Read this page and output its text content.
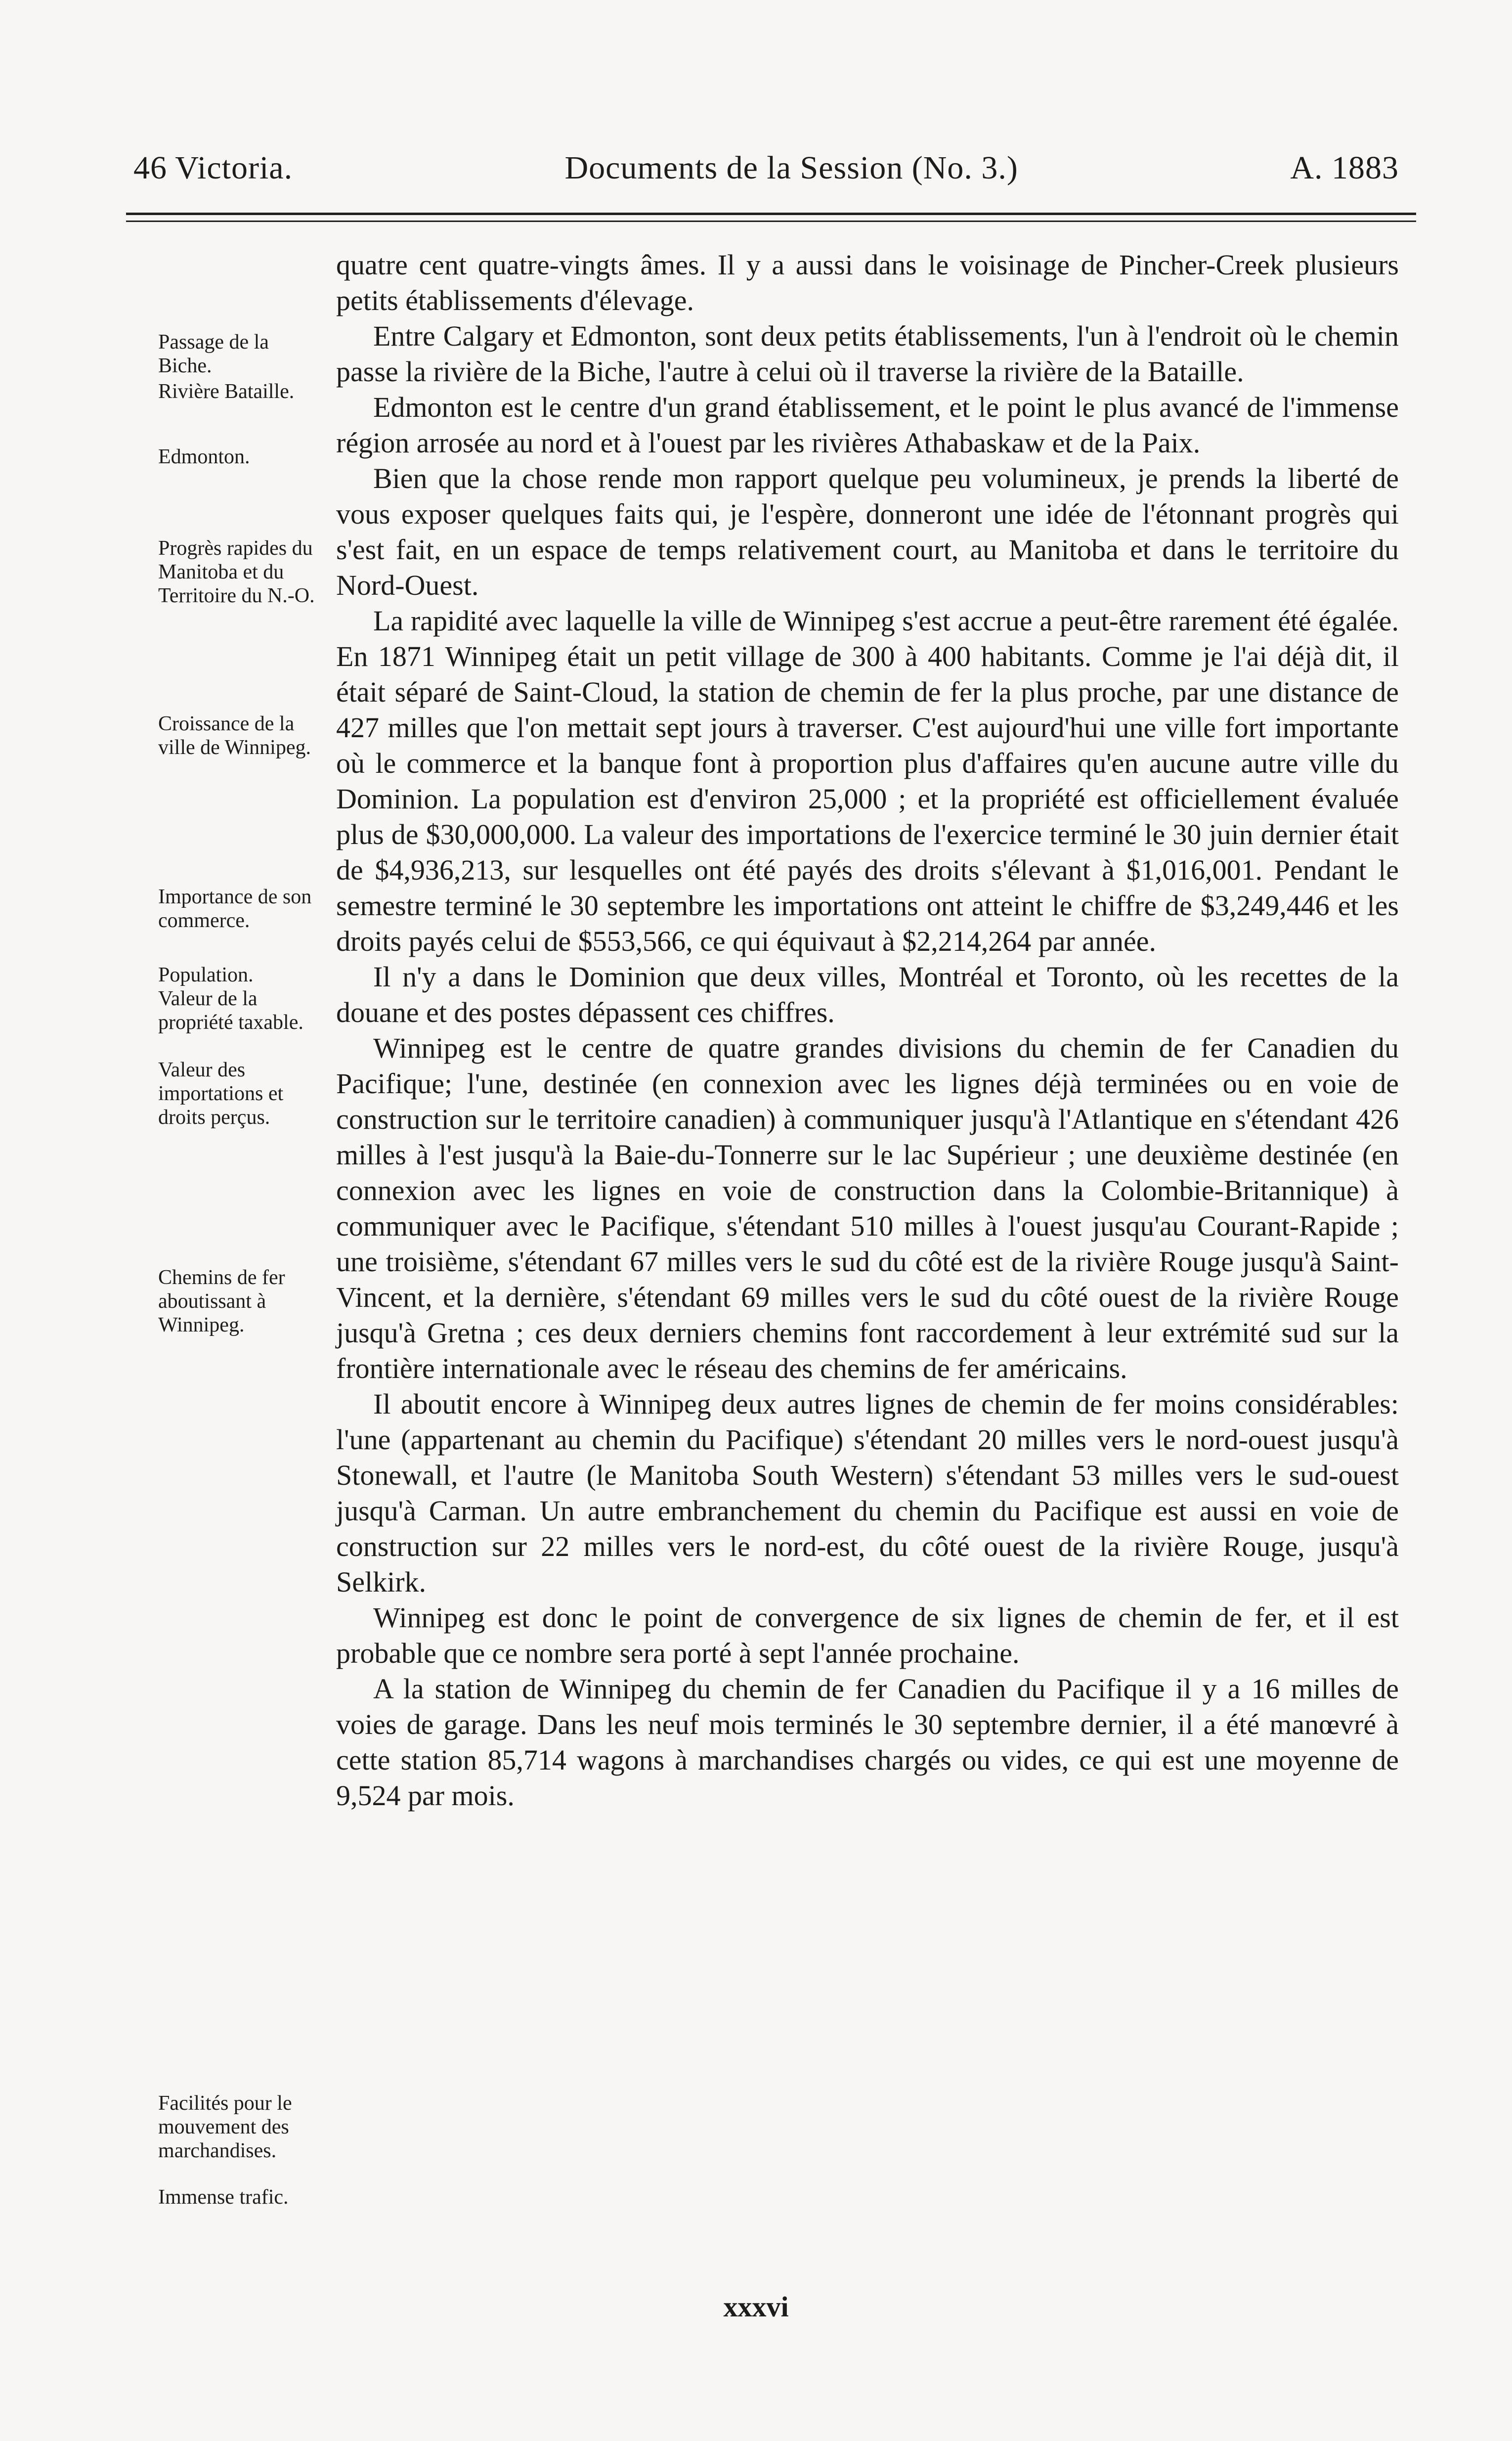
46 Victoria.	Documents de la Session (No. 3.)	A. 1883
Passage de la Biche.
Rivière Bataille.
Edmonton.
Progrès rapides du Manitoba et du Territoire du N.-O.
Croissance de la ville de Winnipeg.
Importance de son commerce.
Population.
Valeur de la propriété taxable.
Valeur des importations et droits perçus.
Chemins de fer aboutissant à Winnipeg.
Facilités pour le mouvement des marchandises.
Immense trafic.

quatre cent quatre-vingts âmes. Il y a aussi dans le voisinage de Pincher-Creek plusieurs petits établissements d'élevage.

Entre Calgary et Edmonton, sont deux petits établissements, l'un à l'endroit où le chemin passe la rivière de la Biche, l'autre à celui où il traverse la rivière de la Bataille.

Edmonton est le centre d'un grand établissement, et le point le plus avancé de l'immense région arrosée au nord et à l'ouest par les rivières Athabaskaw et de la Paix.

Bien que la chose rende mon rapport quelque peu volumineux, je prends la liberté de vous exposer quelques faits qui, je l'espère, donneront une idée de l'étonnant progrès qui s'est fait, en un espace de temps relativement court, au Manitoba et dans le territoire du Nord-Ouest.

La rapidité avec laquelle la ville de Winnipeg s'est accrue a peut-être rarement été égalée. En 1871 Winnipeg était un petit village de 300 à 400 habitants. Comme je l'ai déjà dit, il était séparé de Saint-Cloud, la station de chemin de fer la plus proche, par une distance de 427 milles que l'on mettait sept jours à traverser. C'est aujourd'hui une ville fort importante où le commerce et la banque font à proportion plus d'affaires qu'en aucune autre ville du Dominion. La population est d'environ 25,000 ; et la propriété est officiellement évaluée plus de $30,000,000. La valeur des importations de l'exercice terminé le 30 juin dernier était de $4,936,213, sur lesquelles ont été payés des droits s'élevant à $1,016,001. Pendant le semestre terminé le 30 septembre les importations ont atteint le chiffre de $3,249,446 et les droits payés celui de $553,566, ce qui équivaut à $2,214,264 par année.

Il n'y a dans le Dominion que deux villes, Montréal et Toronto, où les recettes de la douane et des postes dépassent ces chiffres.

Winnipeg est le centre de quatre grandes divisions du chemin de fer Canadien du Pacifique; l'une, destinée (en connexion avec les lignes déjà terminées ou en voie de construction sur le territoire canadien) à communiquer jusqu'à l'Atlantique en s'étendant 426 milles à l'est jusqu'à la Baie-du-Tonnerre sur le lac Supérieur ; une deuxième destinée (en connexion avec les lignes en voie de construction dans la Colombie-Britannique) à communiquer avec le Pacifique, s'étendant 510 milles à l'ouest jusqu'au Courant-Rapide ; une troisième, s'étendant 67 milles vers le sud du côté est de la rivière Rouge jusqu'à Saint-Vincent, et la dernière, s'étendant 69 milles vers le sud du côté ouest de la rivière Rouge jusqu'à Gretna ; ces deux derniers chemins font raccordement à leur extrémité sud sur la frontière internationale avec le réseau des chemins de fer américains.

Il aboutit encore à Winnipeg deux autres lignes de chemin de fer moins considérables: l'une (appartenant au chemin du Pacifique) s'étendant 20 milles vers le nord-ouest jusqu'à Stonewall, et l'autre (le Manitoba South Western) s'étendant 53 milles vers le sud-ouest jusqu'à Carman. Un autre embranchement du chemin du Pacifique est aussi en voie de construction sur 22 milles vers le nord-est, du côté ouest de la rivière Rouge, jusqu'à Selkirk.

Winnipeg est donc le point de convergence de six lignes de chemin de fer, et il est probable que ce nombre sera porté à sept l'année prochaine.

A la station de Winnipeg du chemin de fer Canadien du Pacifique il y a 16 milles de voies de garage. Dans les neuf mois terminés le 30 septembre dernier, il a été manœvré à cette station 85,714 wagons à marchandises chargés ou vides, ce qui est une moyenne de 9,524 par mois.

xxxvi
